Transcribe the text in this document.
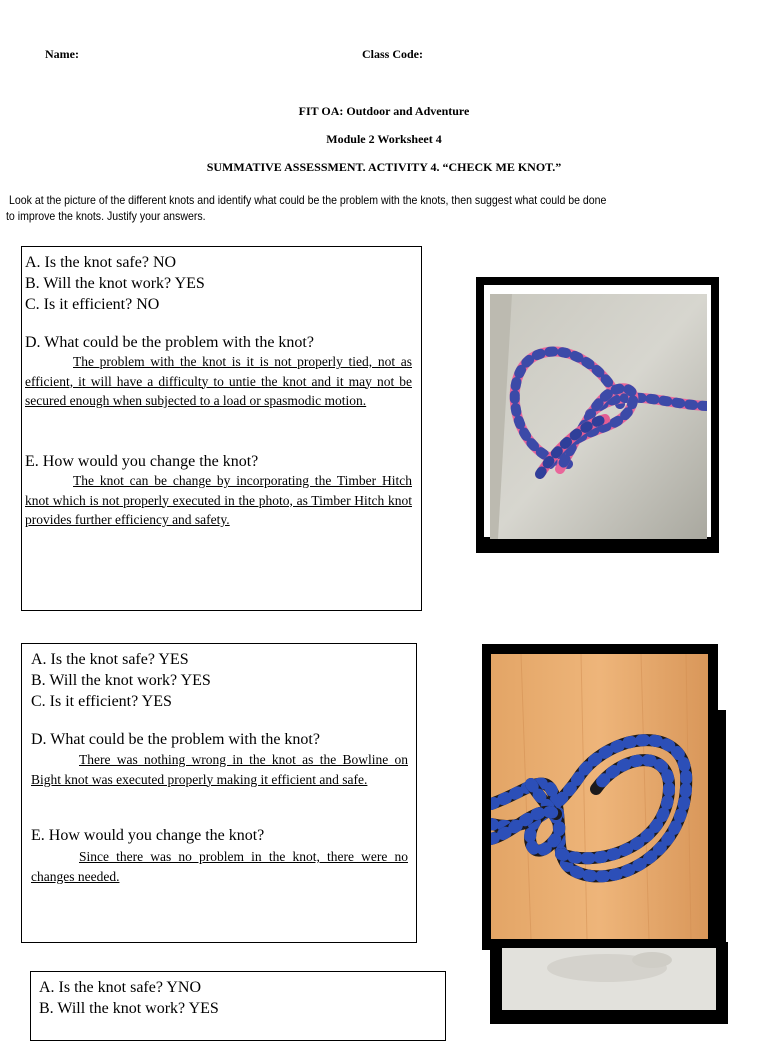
Name:	Class Code:
FIT OA: Outdoor and Adventure
Module 2 Worksheet 4
SUMMATIVE ASSESSMENT. ACTIVITY 4. “CHECK ME KNOT.”
Look at the picture of the different knots and identify what could be the problem with the knots, then suggest what could be done
to improve the knots. Justify your answers.
A. Is the knot safe? NO
B. Will the knot work? YES
C. Is it efficient? NO
D. What could be the problem with the knot?
The problem with the knot is it is not properly tied, not as efficient, it will have a difficulty to untie the knot and it may not be secured enough when subjected to a load or spasmodic motion.
E. How would you change the knot?
The knot can be change by incorporating the Timber Hitch knot which is not properly executed in the photo, as Timber Hitch knot provides further efficiency and safety.
A. Is the knot safe? YES
B. Will the knot work? YES
C. Is it efficient? YES
D. What could be the problem with the knot?
There was nothing wrong in the knot as the Bowline on Bight knot was executed properly making it efficient and safe.
E. How would you change the knot?
Since there was no problem in the knot, there were no changes needed.
A. Is the knot safe? YNO
B. Will the knot work? YES
